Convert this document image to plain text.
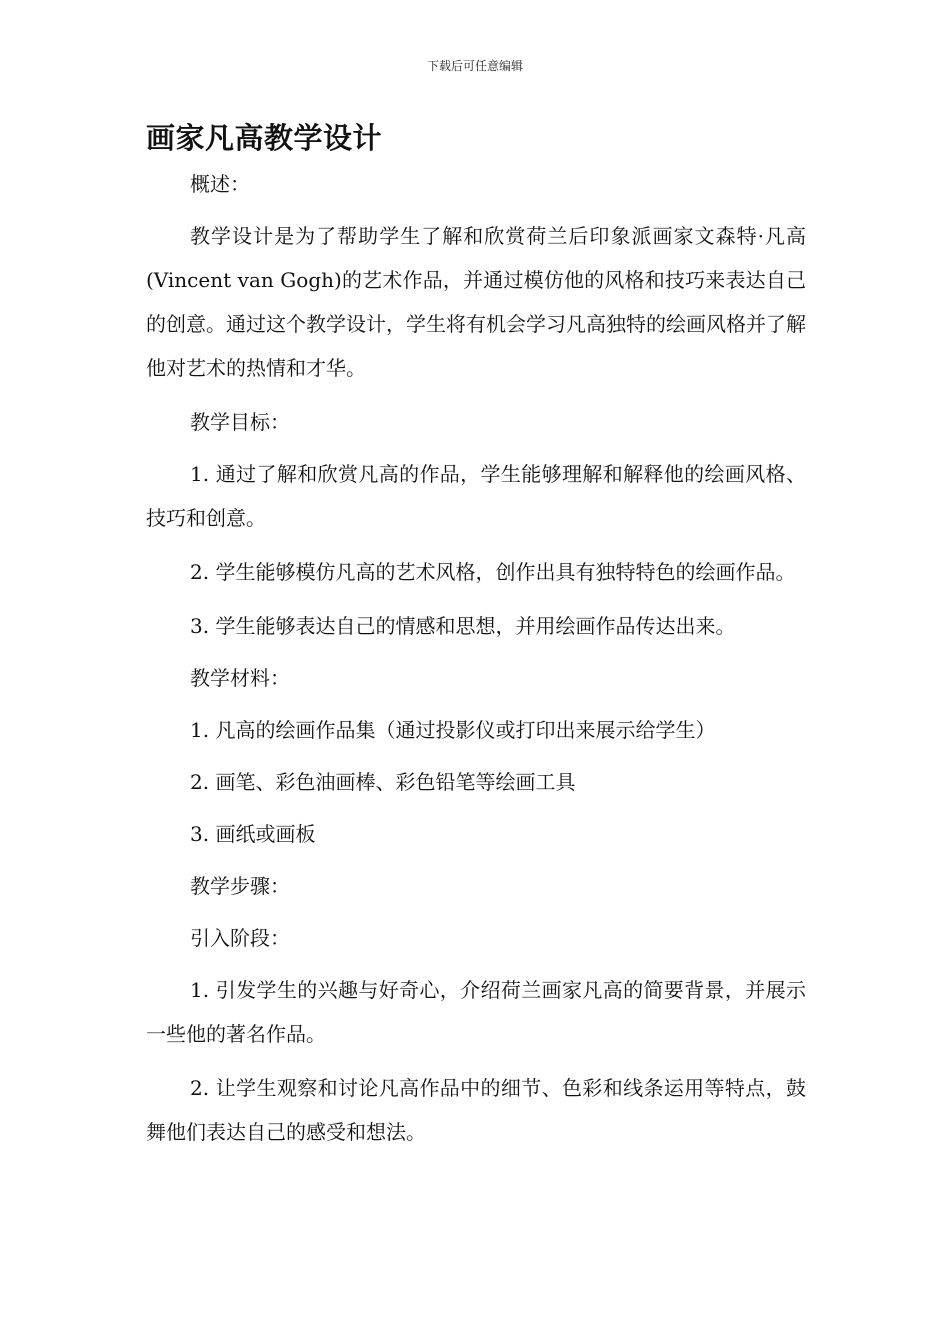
下载后可任意编辑
画家凡高教学设计

概述：

教学设计是为了帮助学生了解和欣赏荷兰后印象派画家文森特·凡高(Vincent van Gogh)的艺术作品，并通过模仿他的风格和技巧来表达自己的创意。通过这个教学设计，学生将有机会学习凡高独特的绘画风格并了解他对艺术的热情和才华。

教学目标：

1. 通过了解和欣赏凡高的作品，学生能够理解和解释他的绘画风格、技巧和创意。

2. 学生能够模仿凡高的艺术风格，创作出具有独特特色的绘画作品。

3. 学生能够表达自己的情感和思想，并用绘画作品传达出来。

教学材料：

1. 凡高的绘画作品集（通过投影仪或打印出来展示给学生）

2. 画笔、彩色油画棒、彩色铅笔等绘画工具

3. 画纸或画板

教学步骤：

引入阶段：

1. 引发学生的兴趣与好奇心，介绍荷兰画家凡高的简要背景，并展示一些他的著名作品。

2. 让学生观察和讨论凡高作品中的细节、色彩和线条运用等特点，鼓舞他们表达自己的感受和想法。
